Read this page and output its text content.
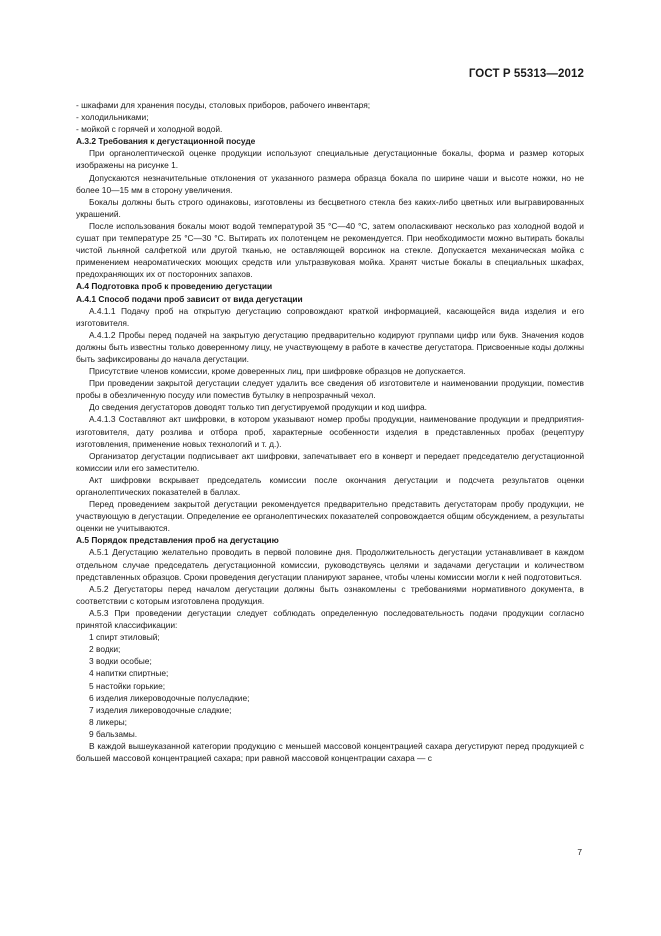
ГОСТ Р 55313—2012

- шкафами для хранения посуды, столовых приборов, рабочего инвентаря;

- холодильниками;

- мойкой с горячей и холодной водой.

А.3.2 Требования к дегустационной посуде

При органолептической оценке продукции используют специальные дегустационные бокалы, форма и размер которых изображены на рисунке 1.

Допускаются незначительные отклонения от указанного размера образца бокала по ширине чаши и высоте ножки, но не более 10—15 мм в сторону увеличения.

Бокалы должны быть строго одинаковы, изготовлены из бесцветного стекла без каких-либо цветных или выгравированных украшений.

После использования бокалы моют водой температурой 35 °С—40 °С, затем ополаскивают несколько раз холодной водой и сушат при температуре 25 °С—30 °С. Вытирать их полотенцем не рекомендуется. При необходимости можно вытирать бокалы чистой льняной салфеткой или другой тканью, не оставляющей ворсинок на стекле. Допускается механическая мойка с применением неароматических моющих средств или ультразвуковая мойка. Хранят чистые бокалы в специальных шкафах, предохраняющих их от посторонних запахов.

А.4 Подготовка проб к проведению дегустации

А.4.1 Способ подачи проб зависит от вида дегустации

А.4.1.1 Подачу проб на открытую дегустацию сопровождают краткой информацией, касающейся вида изделия и его изготовителя.

А.4.1.2 Пробы перед подачей на закрытую дегустацию предварительно кодируют группами цифр или букв. Значения кодов должны быть известны только доверенному лицу, не участвующему в работе в качестве дегустатора. Присвоенные коды должны быть зафиксированы до начала дегустации.

Присутствие членов комиссии, кроме доверенных лиц, при шифровке образцов не допускается.

При проведении закрытой дегустации следует удалить все сведения об изготовителе и наименовании продукции, поместив пробы в обезличенную посуду или поместив бутылку в непрозрачный чехол.

До сведения дегустаторов доводят только тип дегустируемой продукции и код шифра.

А.4.1.3 Составляют акт шифровки, в котором указывают номер пробы продукции, наименование продукции и предприятия-изготовителя, дату розлива и отбора проб, характерные особенности изделия в представленных пробах (рецептуру изготовления, применение новых технологий и т. д.).

Организатор дегустации подписывает акт шифровки, запечатывает его в конверт и передает председателю дегустационной комиссии или его заместителю.

Акт шифровки вскрывает председатель комиссии после окончания дегустации и подсчета результатов оценки органолептических показателей в баллах.

Перед проведением закрытой дегустации рекомендуется предварительно представить дегустаторам пробу продукции, не участвующую в дегустации. Определение ее органолептических показателей сопровождается общим обсуждением, а результаты оценки не учитываются.

А.5 Порядок представления проб на дегустацию

А.5.1 Дегустацию желательно проводить в первой половине дня. Продолжительность дегустации устанавливает в каждом отдельном случае председатель дегустационной комиссии, руководствуясь целями и задачами дегустации и количеством представленных образцов. Сроки проведения дегустации планируют заранее, чтобы члены комиссии могли к ней подготовиться.

А.5.2 Дегустаторы перед началом дегустации должны быть ознакомлены с требованиями нормативного документа, в соответствии с которым изготовлена продукция.

А.5.3 При проведении дегустации следует соблюдать определенную последовательность подачи продукции согласно принятой классификации:

1 спирт этиловый;

2 водки;

3 водки особые;

4 напитки спиртные;

5 настойки горькие;

6 изделия ликероводочные полусладкие;

7 изделия ликероводочные сладкие;

8 ликеры;

9 бальзамы.

В каждой вышеуказанной категории продукцию с меньшей массовой концентрацией сахара дегустируют перед продукцией с большей массовой концентрацией сахара; при равной массовой концентрации сахара — с

7
